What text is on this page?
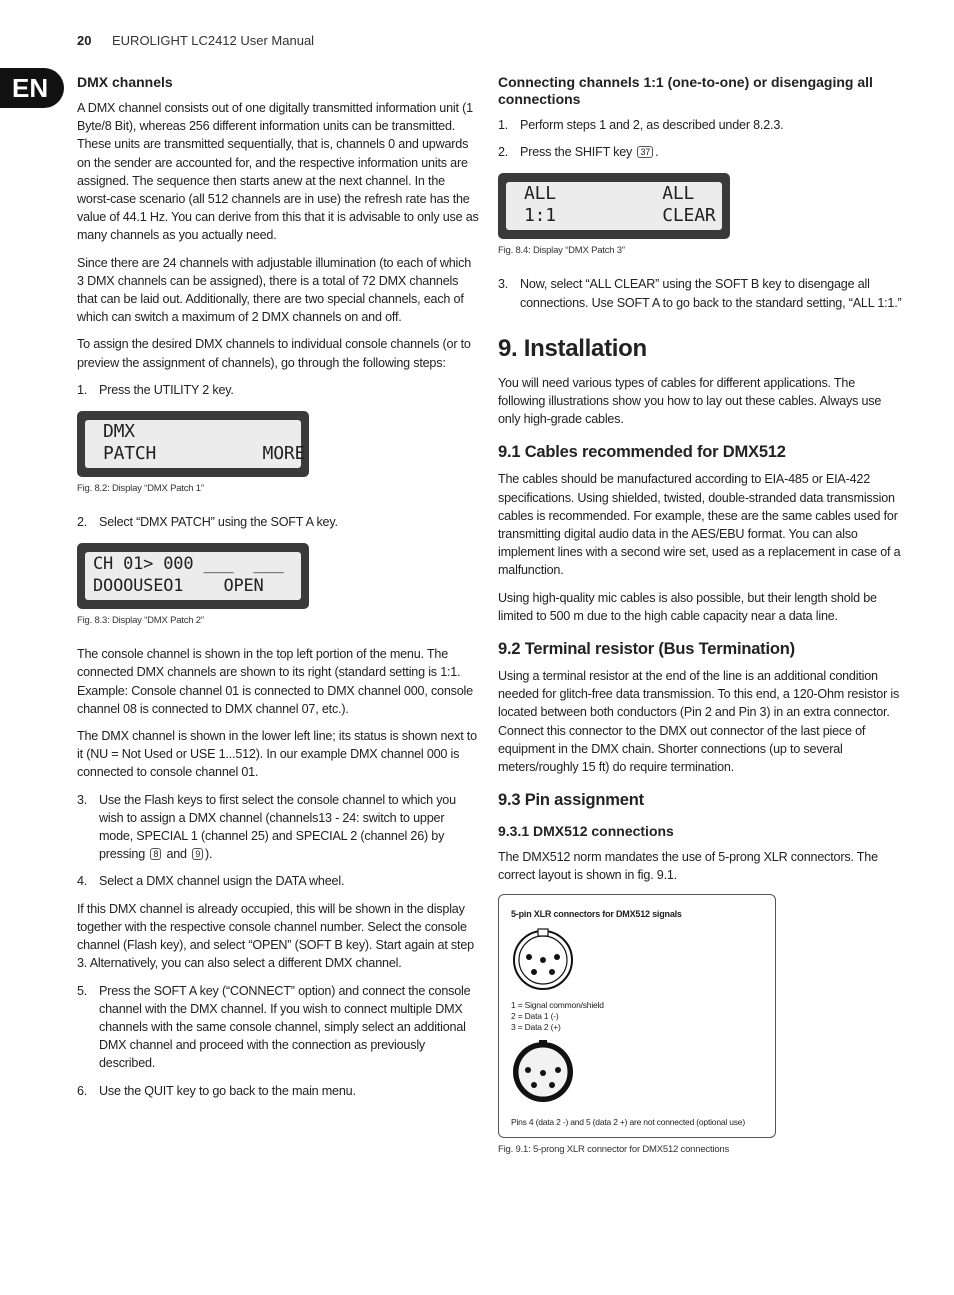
20 EUROLIGHT LC2412 User Manual
EN	DMX channels

A DMX channel consists out of one digitally transmitted information unit (1 Byte/8 Bit), whereas 256 different information units can be transmitted. These units are transmitted sequentially, that is, channels 0 and upwards on the sender are accounted for, and the respective information units are assigned. The sequence then starts anew at the next channel. In the worst-case scenario (all 512 channels are in use) the refresh rate has the value of 44.1 Hz. You can derive from this that it is advisable to only use as many channels as you actually need.

Since there are 24 channels with adjustable illumination (to each of which 3 DMX channels can be assigned), there is a total of 72 DMX channels that can be laid out. Additionally, there are two special channels, each of which can switch a maximum of 2 DMX channels on and off.

To assign the desired DMX channels to individual console channels (or to preview the assignment of channels), go through the following steps:

1. Press the UTILITY 2 key.
DMX
PATCH          MORE
Fig. 8.2: Display “DMX Patch 1”
2. Select “DMX PATCH” using the SOFT A key.
CH 01> 000 ___  ___
DOOOUSEO1    OPEN
Fig. 8.3: Display “DMX Patch 2”

The console channel is shown in the top left portion of the menu. The connected DMX channels are shown to its right (standard setting is 1:1. Example: Console channel 01 is connected to DMX channel 000, console channel 08 is connected to DMX channel 07, etc.).

The DMX channel is shown in the lower left line; its status is shown next to it (NU = Not Used or USE 1...512). In our example DMX channel 000 is connected to console channel 01.

3. Use the Flash keys to first select the console channel to which you wish to assign a DMX channel (channels13 - 24: switch to upper mode, SPECIAL 1 (channel 25) and SPECIAL 2 (channel 26) by pressing 8 and 9 ).
4. Select a DMX channel usign the DATA wheel.

If this DMX channel is already occupied, this will be shown in the display together with the respective console channel number. Select the console channel (Flash key), and select “OPEN” (SOFT B key). Start again at step 3. Alternatively, you can also select a different DMX channel.

5. Press the SOFT A key (“CONNECT” option) and connect the console channel with the DMX channel. If you wish to connect multiple DMX channels with the same console channel, simply select an additional DMX channel and proceed with the connection as previously described.
6. Use the QUIT key to go back to the main menu.
Connecting channels 1:1 (one-to-one) or disengaging all connections
1. Perform steps 1 and 2, as described under 8.2.3.
2. Press the SHIFT key 37 .
ALL          ALL
1:1          CLEAR
Fig. 8.4: Display “DMX Patch 3”
3. Now, select “ALL CLEAR” using the SOFT B key to disengage all connections. Use SOFT A to go back to the standard setting, “ALL 1:1.”
9. Installation

You will need various types of cables for different applications. The following illustrations show you how to lay out these cables. Always use only high-grade cables.

9.1 Cables recommended for DMX512

The cables should be manufactured according to EIA-485 or EIA-422 specifications. Using shielded, twisted, double-stranded data transmission cables is recommended. For example, these are the same cables used for transmitting digital audio data in the AES/EBU format. You can also implement lines with a second wire set, used as a replacement in case of a malfunction.

Using high-quality mic cables is also possible, but their length shold be limited to 500 m due to the high cable capacity near a data line.

9.2 Terminal resistor (Bus Termination)

Using a terminal resistor at the end of the line is an additional condition needed for glitch-free data transmission. To this end, a 120-Ohm resistor is located between both conductors (Pin 2 and Pin 3) in an extra connector. Connect this connector to the DMX out connector of the last piece of equipment in the DMX chain. Shorter connections (up to several meters/roughly 15 ft) do require termination.

9.3 Pin assignment
9.3.1 DMX512 connections

The DMX512 norm mandates the use of 5-prong XLR connectors. The correct layout is shown in fig. 9.1.

5-pin XLR connectors for DMX512 signals
1 = Signal common/shield
2 = Data 1 (-)
3 = Data 2 (+)
Pins 4 (data 2 -) and 5 (data 2 +) are not connected (optional use)
Fig. 9.1: 5-prong XLR connector for DMX512 connections
